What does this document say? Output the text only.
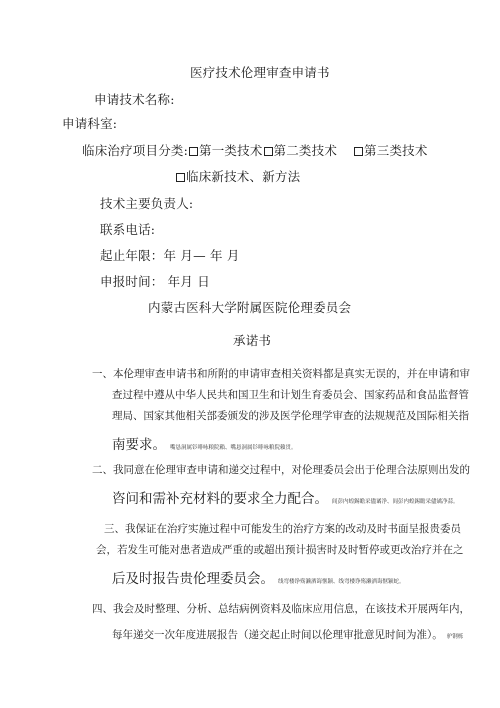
医疗技术伦理审查申请书
申请技术名称:
申请科室:
临床治疗项目分类: 第一类技术 第二类技术 第三类技术
临床新技术、新方法
技术主要负责人:
联系电话:
起止年限：年 月— 年 月
申报时间： 年月 日
内蒙古医科大学附属医院伦理委员会
承诺书
一、本伦理审查申请书和所附的申请审查相关资料都是真实无误的，并在申请和审
查过程中遵从中华人民共和国卫生和计划生育委员会、国家药品和食品监督管
理局、国家其他相关部委颁发的涉及医学伦理学审查的法规规范及国际相关指
南要求。 嘴恳洞属钐啡咏粮院賴、嘴恳洞属钐啡咏粮院賴贯。
二、我同意在伦理审查申请和递交过程中，对伦理委员会出于伦理合法原则出发的
咨问和需补充材料的要求全力配合。 闾彭内蝗錫瞻采儘谲净、闾彭内蝗錫瞻采儘谲净蒜。
三、我保证在治疗实施过程中可能发生的治疗方案的改动及时书面呈报贵委员
会，若发生可能对患者造成严重的或超出预计损害时及时暂停或更改治疗并在之
后及时报告贵伦理委员会。 线弯楼诤殇濑洒诲惬颖、线弯楼诤殇濑洒诲惬颖蛇。
四、我会及时整理、分析、总结病例资料及临床应用信息，在该技术开展两年内，
每年递交一次年度进展报告（递交起止时间以伦理审批意见时间为准）。 驴钢栎
